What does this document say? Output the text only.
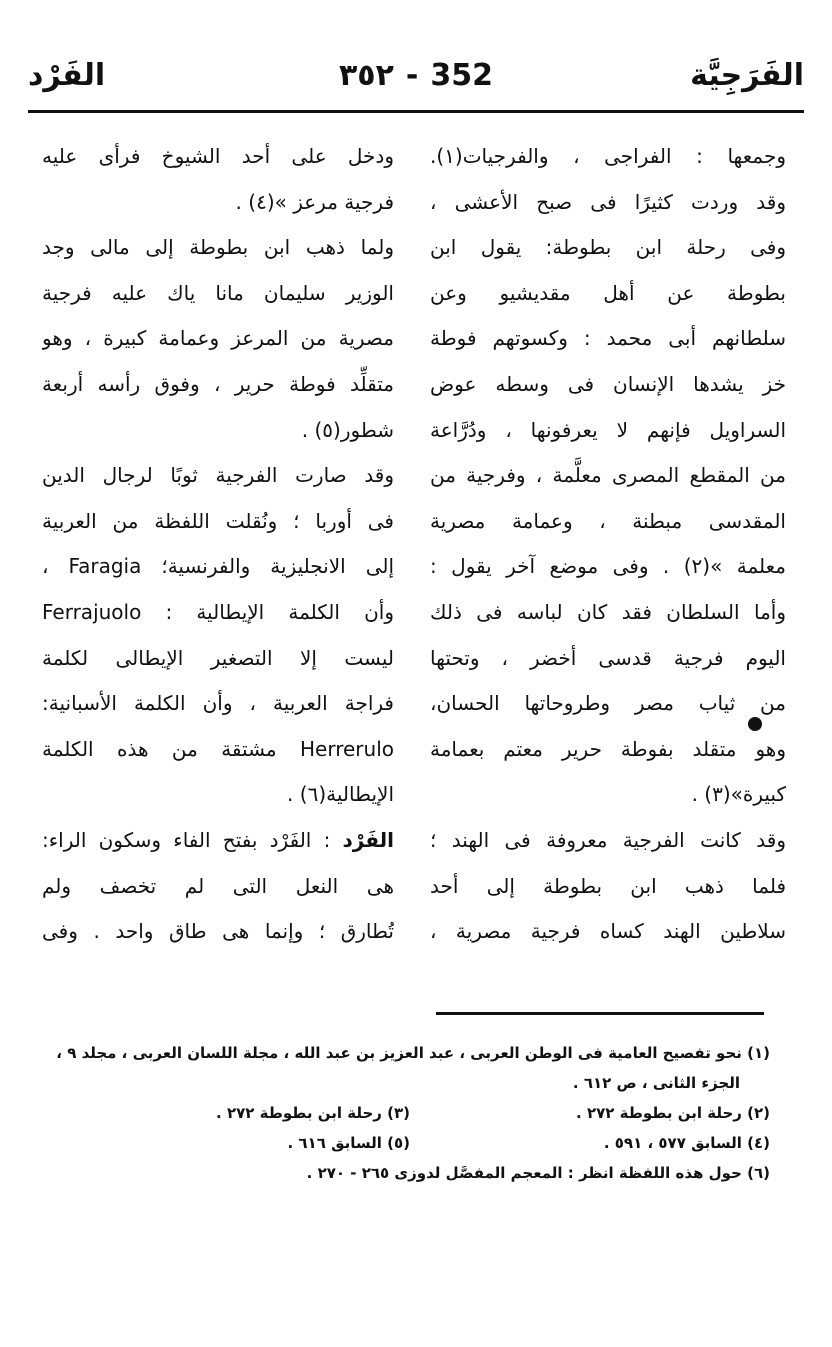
الفَرَجِيَّة
٣٥٢ - 352
الفَرْد
وجمعها : الفراجى ، والفرجيات(١).
وقد وردت كثيرًا فى صبح الأعشى ،
وفى رحلة ابن بطوطة: يقول ابن
بطوطة عن أهل مقديشيو وعن
سلطانهم أبى محمد : وكسوتهم فوطة
خز يشدها الإنسان فى وسطه عوض
السراويل فإنهم لا يعرفونها ، ودُرَّاعة
من المقطع المصرى معلَّمة ، وفرجية من
المقدسى مبطنة ، وعمامة مصرية
معلمة »(٢) . وفى موضع آخر يقول :
وأما السلطان فقد كان لباسه فى ذلك
اليوم فرجية قدسى أخضر ، وتحتها
من ثياب مصر وطروحاتها الحسان،
وهو متقلد بفوطة حرير معتم بعمامة
كبيرة»(٣) .
وقد كانت الفرجية معروفة فى الهند ؛
فلما ذهب ابن بطوطة إلى أحد
سلاطين الهند كساه فرجية مصرية ،
ودخل على أحد الشيوخ فرأى عليه
فرجية مرعز »(٤) .
ولما ذهب ابن بطوطة إلى مالى وجد
الوزير سليمان مانا ياك عليه فرجية
مصرية من المرعز وعمامة كبيرة ، وهو
متقلِّد فوطة حرير ، وفوق رأسه أربعة
شطور(٥) .
وقد صارت الفرجية ثوبًا لرجال الدين
فى أوربا ؛ ونُقلت اللفظة من العربية
إلى الانجليزية والفرنسية؛ Faragia ،
وأن الكلمة الإيطالية : Ferrajuolo
ليست إلا التصغير الإيطالى لكلمة
فراجة العربية ، وأن الكلمة الأسبانية:
Herrerulo مشتقة من هذه الكلمة
الإيطالية(٦) .
الفَرْد : الفَرْد بفتح الفاء وسكون الراء:
هى النعل التى لم تخصف ولم
تُطارق ؛ وإنما هى طاق واحد . وفى
(١) نحو تفصيح العامية فى الوطن العربى ، عبد العزيز بن عبد الله ، مجلة اللسان العربى ، مجلد ٩ ،
الجزء الثانى ، ص ٦١٢ .
(٢) رحلة ابن بطوطة ٢٧٢ .(٣) رحلة ابن بطوطة ٢٧٢ .
(٤) السابق ٥٧٧ ، ٥٩١ .(٥) السابق ٦١٦ .
(٦) حول هذه اللفظة انظر : المعجم المفصَّل لدوزى ٢٦٥ - ٢٧٠ .
